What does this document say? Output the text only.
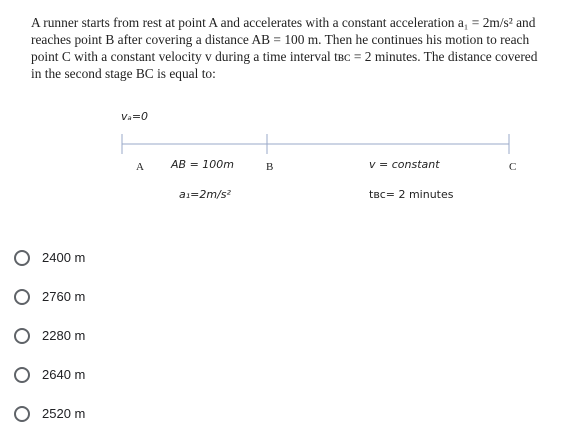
A runner starts from rest at point A and accelerates with a constant acceleration a₁ = 2m/s² and
reaches point B after covering a distance AB = 100 m. Then he continues his motion to reach
point C with a constant velocity v during a time interval tʙᴄ = 2 minutes. The distance covered
in the second stage BC is equal to:
vₐ=0
A	B	C
AB = 100m
a₁=2m/s²
v = constant
tʙᴄ= 2 minutes
2400 m
2760 m
2280 m
2640 m
2520 m
